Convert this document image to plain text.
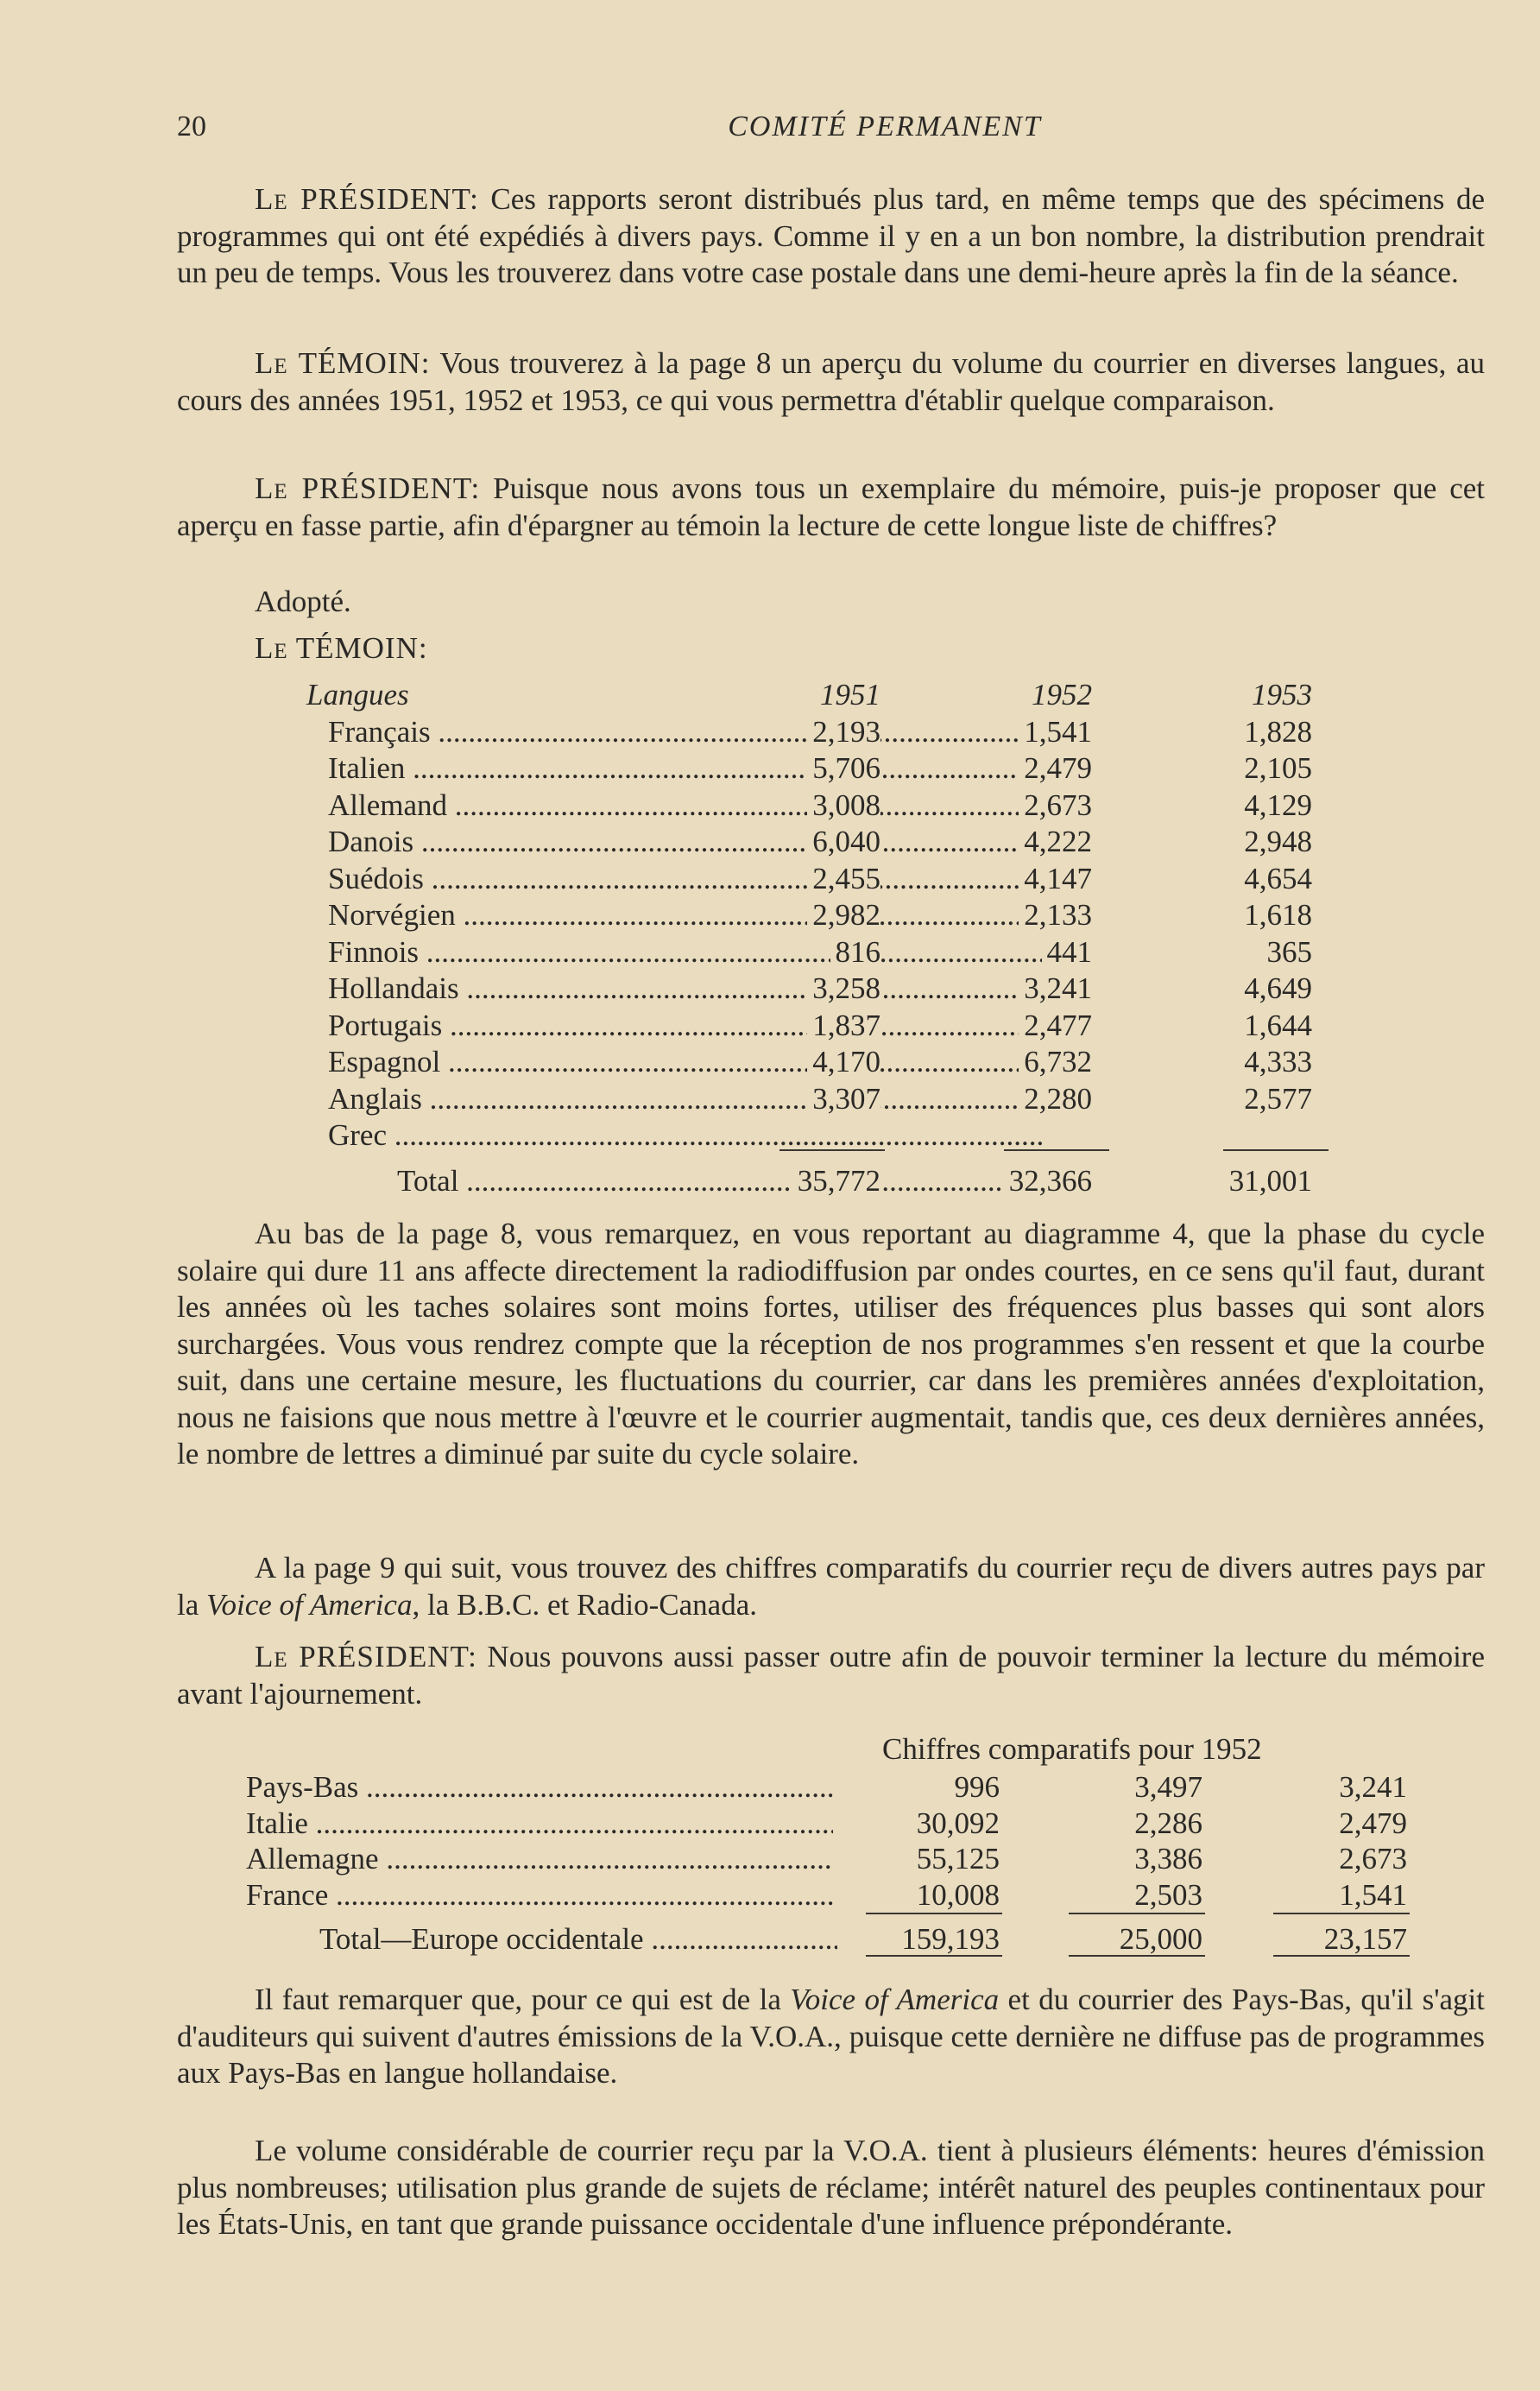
20	COMITÉ PERMANENT

Le PRÉSIDENT: Ces rapports seront distribués plus tard, en même temps que des spécimens de programmes qui ont été expédiés à divers pays. Comme il y en a un bon nombre, la distribution prendrait un peu de temps. Vous les trouverez dans votre case postale dans une demi-heure après la fin de la séance.

Le TÉMOIN: Vous trouverez à la page 8 un aperçu du volume du courrier en diverses langues, au cours des années 1951, 1952 et 1953, ce qui vous permettra d'établir quelque comparaison.

Le PRÉSIDENT: Puisque nous avons tous un exemplaire du mémoire, puis-je proposer que cet aperçu en fasse partie, afin d'épargner au témoin la lecture de cette longue liste de chiffres?

Adopté.
Le TÉMOIN:
Langues	1951	1952	1953
Français .....	2,193	1,541	1,828
Italien .....	5,706	2,479	2,105
Allemand .....	3,008	2,673	4,129
Danois .....	6,040	4,222	2,948
Suédois .....	2,455	4,147	4,654
Norvégien .....	2,982	2,133	1,618
Finnois .....	816	441	365
Hollandais .....	3,258	3,241	4,649
Portugais .....	1,837	2,477	1,644
Espagnol .....	4,170	6,732	4,333
Anglais .....	3,307	2,280	2,577
Grec .....
Total .....	35,772	32,366	31,001

Au bas de la page 8, vous remarquez, en vous reportant au diagramme 4, que la phase du cycle solaire qui dure 11 ans affecte directement la radiodiffusion par ondes courtes, en ce sens qu'il faut, durant les années où les taches solaires sont moins fortes, utiliser des fréquences plus basses qui sont alors surchargées. Vous vous rendrez compte que la réception de nos programmes s'en ressent et que la courbe suit, dans une certaine mesure, les fluctuations du courrier, car dans les premières années d'exploitation, nous ne faisions que nous mettre à l'œuvre et le courrier augmentait, tandis que, ces deux dernières années, le nombre de lettres a diminué par suite du cycle solaire.

A la page 9 qui suit, vous trouvez des chiffres comparatifs du courrier reçu de divers autres pays par la Voice of America, la B.B.C. et Radio-Canada.

Le PRÉSIDENT: Nous pouvons aussi passer outre afin de pouvoir terminer la lecture du mémoire avant l'ajournement.

Chiffres comparatifs pour 1952
Pays-Bas .....	996	3,497	3,241
Italie .....	30,092	2,286	2,479
Allemagne .....	55,125	3,386	2,673
France .....	10,008	2,503	1,541
Total—Europe occidentale .....	159,193	25,000	23,157

Il faut remarquer que, pour ce qui est de la Voice of America et du courrier des Pays-Bas, qu'il s'agit d'auditeurs qui suivent d'autres émissions de la V.O.A., puisque cette dernière ne diffuse pas de programmes aux Pays-Bas en langue hollandaise.

Le volume considérable de courrier reçu par la V.O.A. tient à plusieurs éléments: heures d'émission plus nombreuses; utilisation plus grande de sujets de réclame; intérêt naturel des peuples continentaux pour les États-Unis, en tant que grande puissance occidentale d'une influence prépondérante.
